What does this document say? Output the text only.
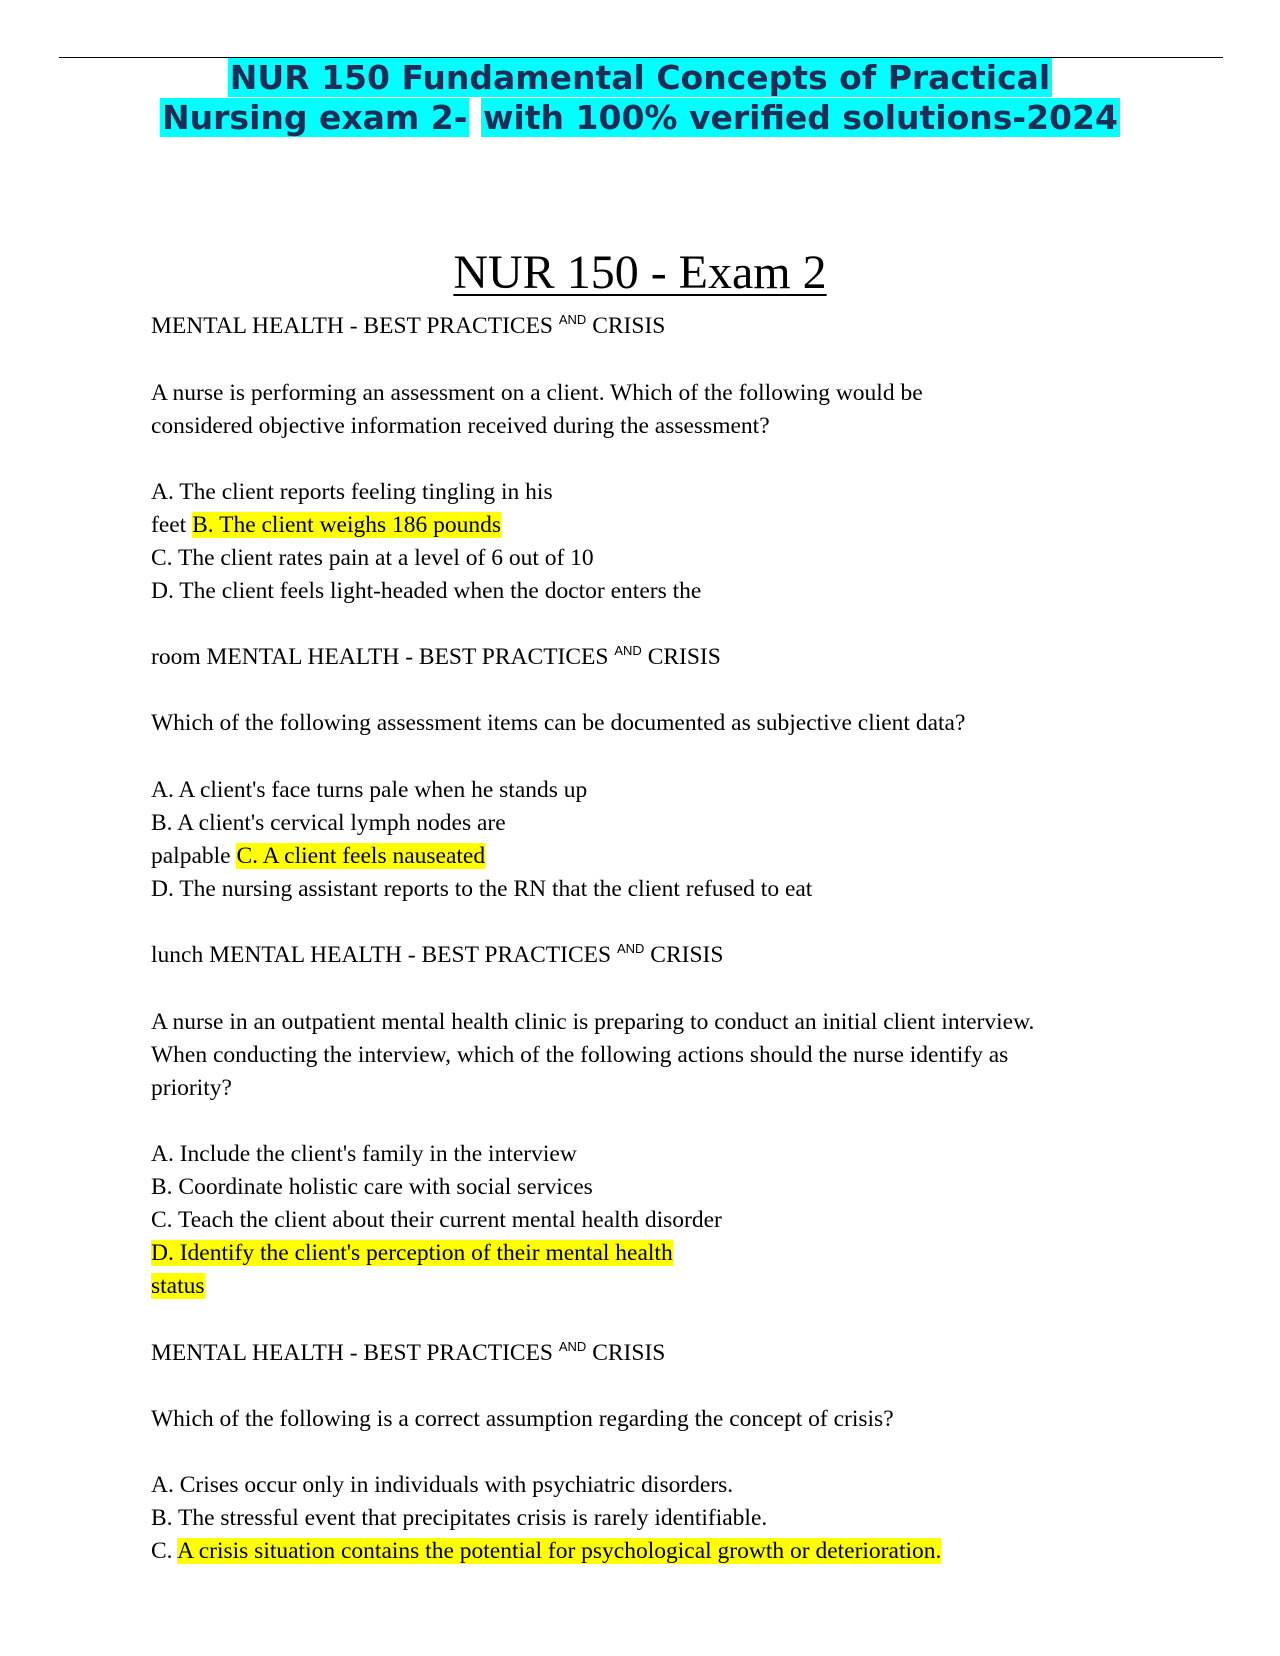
NUR 150 Fundamental Concepts of Practical
Nursing exam 2- with 100% verified solutions-2024
NUR 150 - Exam 2
MENTAL HEALTH - BEST PRACTICES $^{AND}$ CRISIS
A nurse is performing an assessment on a client. Which of the following would be
considered objective information received during the assessment?
A. The client reports feeling tingling in his
feet B. The client weighs 186 pounds
C. The client rates pain at a level of 6 out of 10
D. The client feels light-headed when the doctor enters the
room MENTAL HEALTH - BEST PRACTICES $^{AND}$ CRISIS
Which of the following assessment items can be documented as subjective client data?
A. A client's face turns pale when he stands up
B. A client's cervical lymph nodes are
palpable C. A client feels nauseated
D. The nursing assistant reports to the RN that the client refused to eat
lunch MENTAL HEALTH - BEST PRACTICES $^{AND}$ CRISIS
A nurse in an outpatient mental health clinic is preparing to conduct an initial client interview.
When conducting the interview, which of the following actions should the nurse identify as
priority?
A. Include the client's family in the interview
B. Coordinate holistic care with social services
C. Teach the client about their current mental health disorder
D. Identify the client's perception of their mental health
status
MENTAL HEALTH - BEST PRACTICES $^{AND}$ CRISIS
Which of the following is a correct assumption regarding the concept of crisis?
A. Crises occur only in individuals with psychiatric disorders.
B. The stressful event that precipitates crisis is rarely identifiable.
C. A crisis situation contains the potential for psychological growth or deterioration.
